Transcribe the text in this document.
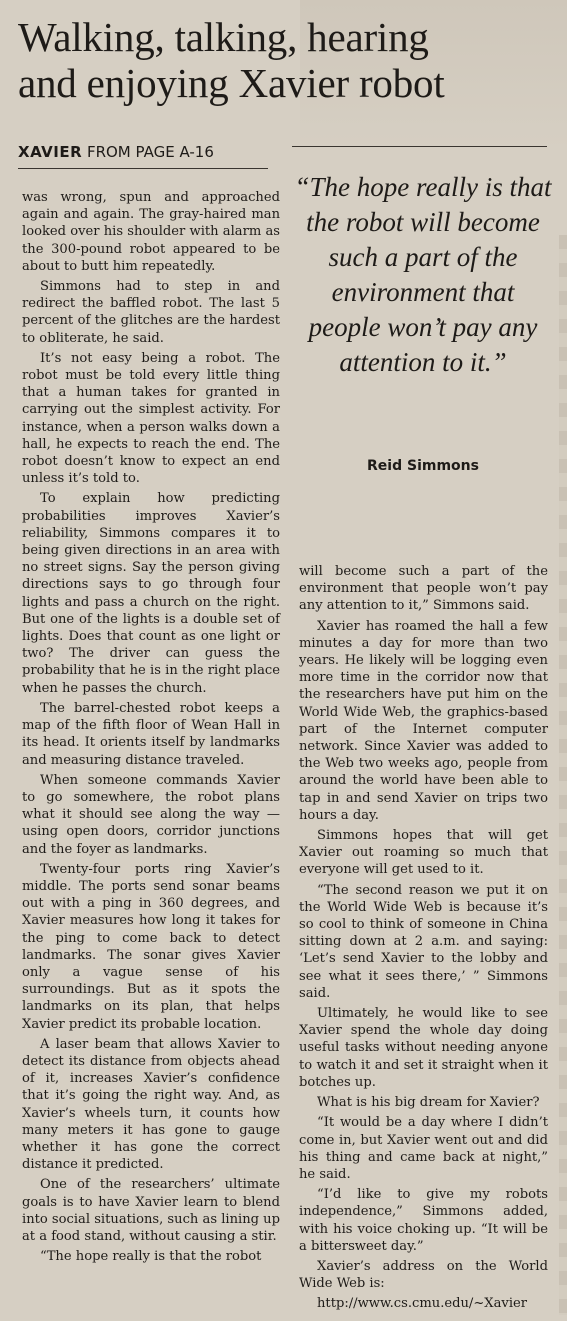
Walking, talking, hearing
and enjoying Xavier robot
XAVIER FROM PAGE A-16

was wrong, spun and approached again and again. The gray-haired man looked over his shoulder with alarm as the 300-pound robot appeared to be about to butt him repeatedly.

Simmons had to step in and redirect the baffled robot. The last 5 percent of the glitches are the hardest to obliterate, he said.

It’s not easy being a robot. The robot must be told every little thing that a human takes for granted in carrying out the simplest activity. For instance, when a person walks down a hall, he expects to reach the end. The robot doesn’t know to expect an end unless it’s told to.

To explain how predicting probabilities improves Xavier’s reliability, Simmons compares it to being given directions in an area with no street signs. Say the person giving directions says to go through four lights and pass a church on the right. But one of the lights is a double set of lights. Does that count as one light or two? The driver can guess the probability that he is in the right place when he passes the church.

The barrel-chested robot keeps a map of the fifth floor of Wean Hall in its head. It orients itself by landmarks and measuring distance traveled.

When someone commands Xavier to go somewhere, the robot plans what it should see along the way — using open doors, corridor junctions and the foyer as landmarks.

Twenty-four ports ring Xavier’s middle. The ports send sonar beams out with a ping in 360 degrees, and Xavier measures how long it takes for the ping to come back to detect landmarks. The sonar gives Xavier only a vague sense of his surroundings. But as it spots the landmarks on its plan, that helps Xavier predict its probable location.

A laser beam that allows Xavier to detect its distance from objects ahead of it, increases Xavier’s confidence that it’s going the right way. And, as Xavier’s wheels turn, it counts how many meters it has gone to gauge whether it has gone the correct distance it predicted.

One of the researchers’ ultimate goals is to have Xavier learn to blend into social situations, such as lining up at a food stand, without causing a stir.

“The hope really is that the robot

“The hope really is that the robot will become such a part of the environment that people won’t pay any attention to it.”
Reid Simmons

will become such a part of the environment that people won’t pay any attention to it,” Simmons said.

Xavier has roamed the hall a few minutes a day for more than two years. He likely will be logging even more time in the corridor now that the researchers have put him on the World Wide Web, the graphics-based part of the Internet computer network. Since Xavier was added to the Web two weeks ago, people from around the world have been able to tap in and send Xavier on trips two hours a day.

Simmons hopes that will get Xavier out roaming so much that everyone will get used to it.

“The second reason we put it on the World Wide Web is because it’s so cool to think of someone in China sitting down at 2 a.m. and saying: ‘Let’s send Xavier to the lobby and see what it sees there,’ ” Simmons said.

Ultimately, he would like to see Xavier spend the whole day doing useful tasks without needing anyone to watch it and set it straight when it botches up.

What is his big dream for Xavier?

“It would be a day where I didn’t come in, but Xavier went out and did his thing and came back at night,” he said.

“I’d like to give my robots independence,” Simmons added, with his voice choking up. “It will be a bittersweet day.”

Xavier’s address on the World Wide Web is:

http://www.cs.cmu.edu/~Xavier
